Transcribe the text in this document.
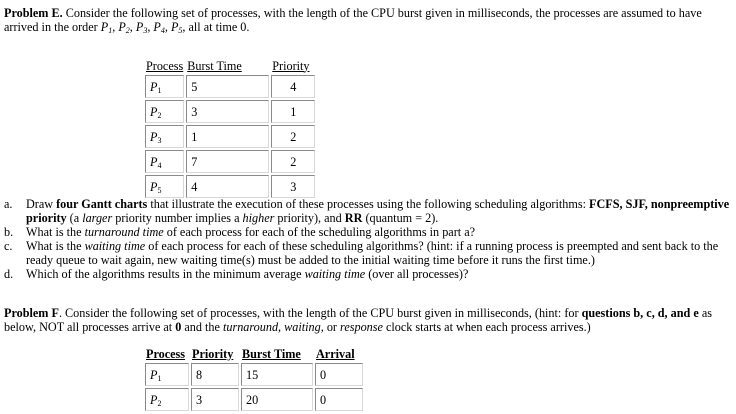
Problem E. Consider the following set of processes, with the length of the CPU burst given in milliseconds, the processes are assumed to have arrived in the order $P_1$, $P_2$, $P_3$, $P_4$, $P_5$, all at time 0.
Process	Burst Time	Priority
$P_1$	5	4
$P_2$	3	1
$P_3$	1	2
$P_4$	7	2
$P_5$	4	3
a. Draw four Gantt charts that illustrate the execution of these processes using the following scheduling algorithms: FCFS, SJF, nonpreemptive priority (a larger priority number implies a higher priority), and RR (quantum = 2).
b. What is the turnaround time of each process for each of the scheduling algorithms in part a?
c. What is the waiting time of each process for each of these scheduling algorithms? (hint: if a running process is preempted and sent back to the ready queue to wait again, new waiting time(s) must be added to the initial waiting time before it runs the first time.)
d. Which of the algorithms results in the minimum average waiting time (over all processes)?
Problem F. Consider the following set of processes, with the length of the CPU burst given in milliseconds, (hint: for questions b, c, d, and e as below, NOT all processes arrive at 0 and the turnaround, waiting, or response clock starts at when each process arrives.)
Process	Priority	Burst Time	Arrival
$P_1$	8	15	0
$P_2$	3	20	0
